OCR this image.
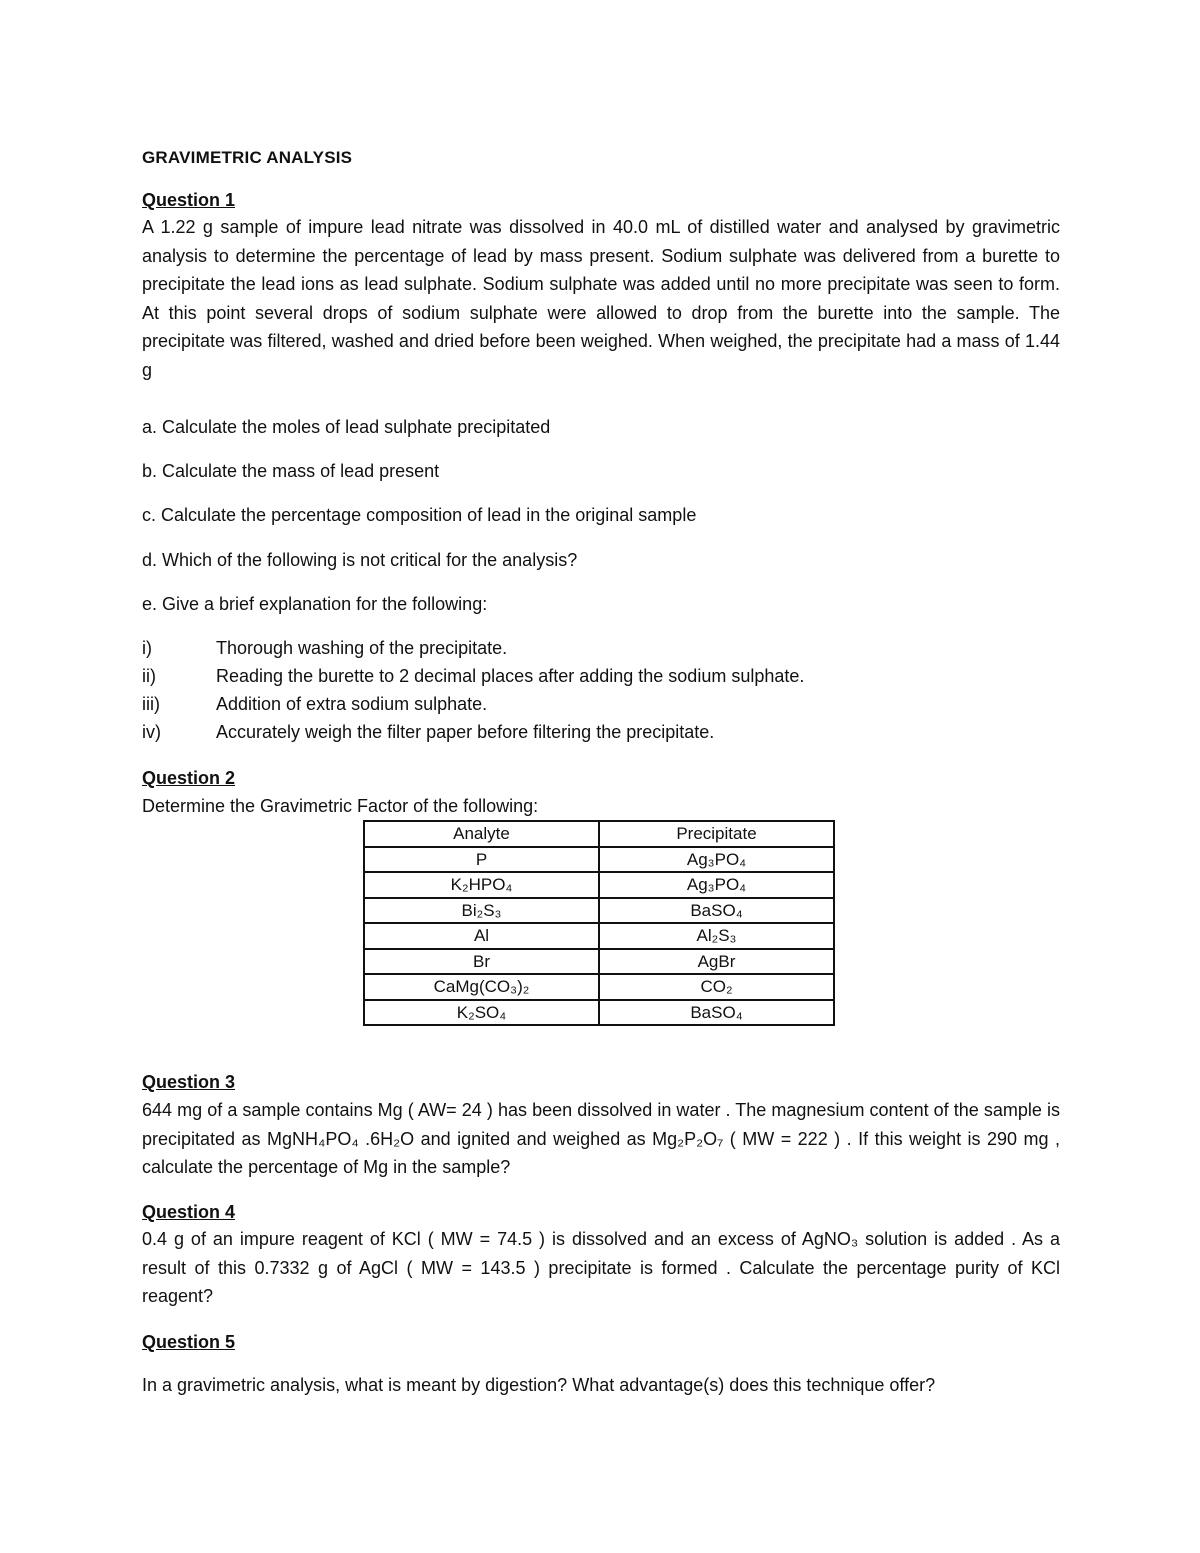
GRAVIMETRIC ANALYSIS
Question 1
A 1.22 g sample of impure lead nitrate was dissolved in 40.0 mL of distilled water and analysed by gravimetric analysis to determine the percentage of lead by mass present. Sodium sulphate was delivered from a burette to precipitate the lead ions as lead sulphate. Sodium sulphate was added until no more precipitate was seen to form. At this point several drops of sodium sulphate were allowed to drop from the burette into the sample. The precipitate was filtered, washed and dried before been weighed. When weighed, the precipitate had a mass of 1.44 g
a. Calculate the moles of lead sulphate precipitated
b. Calculate the mass of lead present
c. Calculate the percentage composition of lead in the original sample
d. Which of the following is not critical for the analysis?
e. Give a brief explanation for the following:
i)	Thorough washing of the precipitate.
ii)	Reading the burette to 2 decimal places after adding the sodium sulphate.
iii)	Addition of extra sodium sulphate.
iv)	Accurately weigh the filter paper before filtering the precipitate.
Question 2
Determine the Gravimetric Factor of the following:
Analyte	Precipitate
P	Ag₃PO₄
K₂HPO₄	Ag₃PO₄
Bi₂S₃	BaSO₄
Al	Al₂S₃
Br	AgBr
CaMg(CO₃)₂	CO₂
K₂SO₄	BaSO₄
Question 3
644 mg of a sample contains Mg ( AW= 24 ) has been dissolved in water . The magnesium content of the sample is precipitated as MgNH₄PO₄ .6H₂O and ignited and weighed as Mg₂P₂O₇ ( MW = 222 ) . If this weight is 290 mg , calculate the percentage of Mg in the sample?
Question 4
0.4 g of an impure reagent of KCl ( MW = 74.5 ) is dissolved and an excess of AgNO₃ solution is added . As a result of this 0.7332 g of AgCl ( MW = 143.5 ) precipitate is formed . Calculate the percentage purity of KCl reagent?
Question 5
In a gravimetric analysis, what is meant by digestion? What advantage(s) does this technique offer?
